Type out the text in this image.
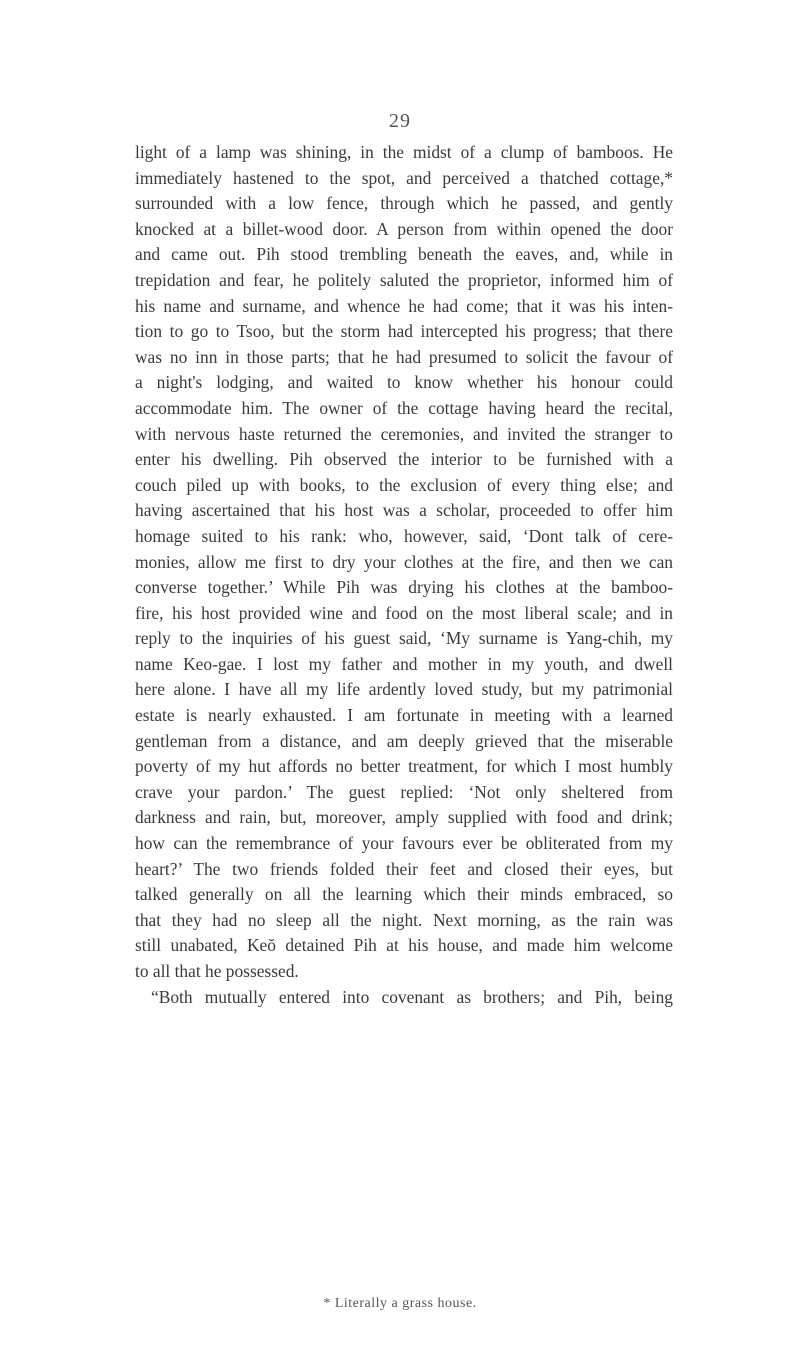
29
light of a lamp was shining, in the midst of a clump of bamboos. He
immediately hastened to the spot, and perceived a thatched cottage,*
surrounded with a low fence, through which he passed, and gently
knocked at a billet-wood door. A person from within opened the door
and came out. Pih stood trembling beneath the eaves, and, while in
trepidation and fear, he politely saluted the proprietor, informed him of
his name and surname, and whence he had come; that it was his inten-
tion to go to Tsoo, but the storm had intercepted his progress; that there
was no inn in those parts; that he had presumed to solicit the favour of
a night's lodging, and waited to know whether his honour could
accommodate him. The owner of the cottage having heard the recital,
with nervous haste returned the ceremonies, and invited the stranger to
enter his dwelling. Pih observed the interior to be furnished with a
couch piled up with books, to the exclusion of every thing else; and
having ascertained that his host was a scholar, proceeded to offer him
homage suited to his rank: who, however, said, ‘Dont talk of cere-
monies, allow me first to dry your clothes at the fire, and then we can
converse together.’ While Pih was drying his clothes at the bamboo-
fire, his host provided wine and food on the most liberal scale; and in
reply to the inquiries of his guest said, ‘My surname is Yang-chih, my
name Keo-gae. I lost my father and mother in my youth, and dwell
here alone. I have all my life ardently loved study, but my patrimonial
estate is nearly exhausted. I am fortunate in meeting with a learned
gentleman from a distance, and am deeply grieved that the miserable
poverty of my hut affords no better treatment, for which I most humbly
crave your pardon.’ The guest replied: ‘Not only sheltered from
darkness and rain, but, moreover, amply supplied with food and drink;
how can the remembrance of your favours ever be obliterated from my
heart?’ The two friends folded their feet and closed their eyes, but
talked generally on all the learning which their minds embraced, so
that they had no sleep all the night. Next morning, as the rain was
still unabated, Keŏ detained Pih at his house, and made him welcome
to all that he possessed.
“Both mutually entered into covenant as brothers; and Pih, being
* Literally a grass house.
